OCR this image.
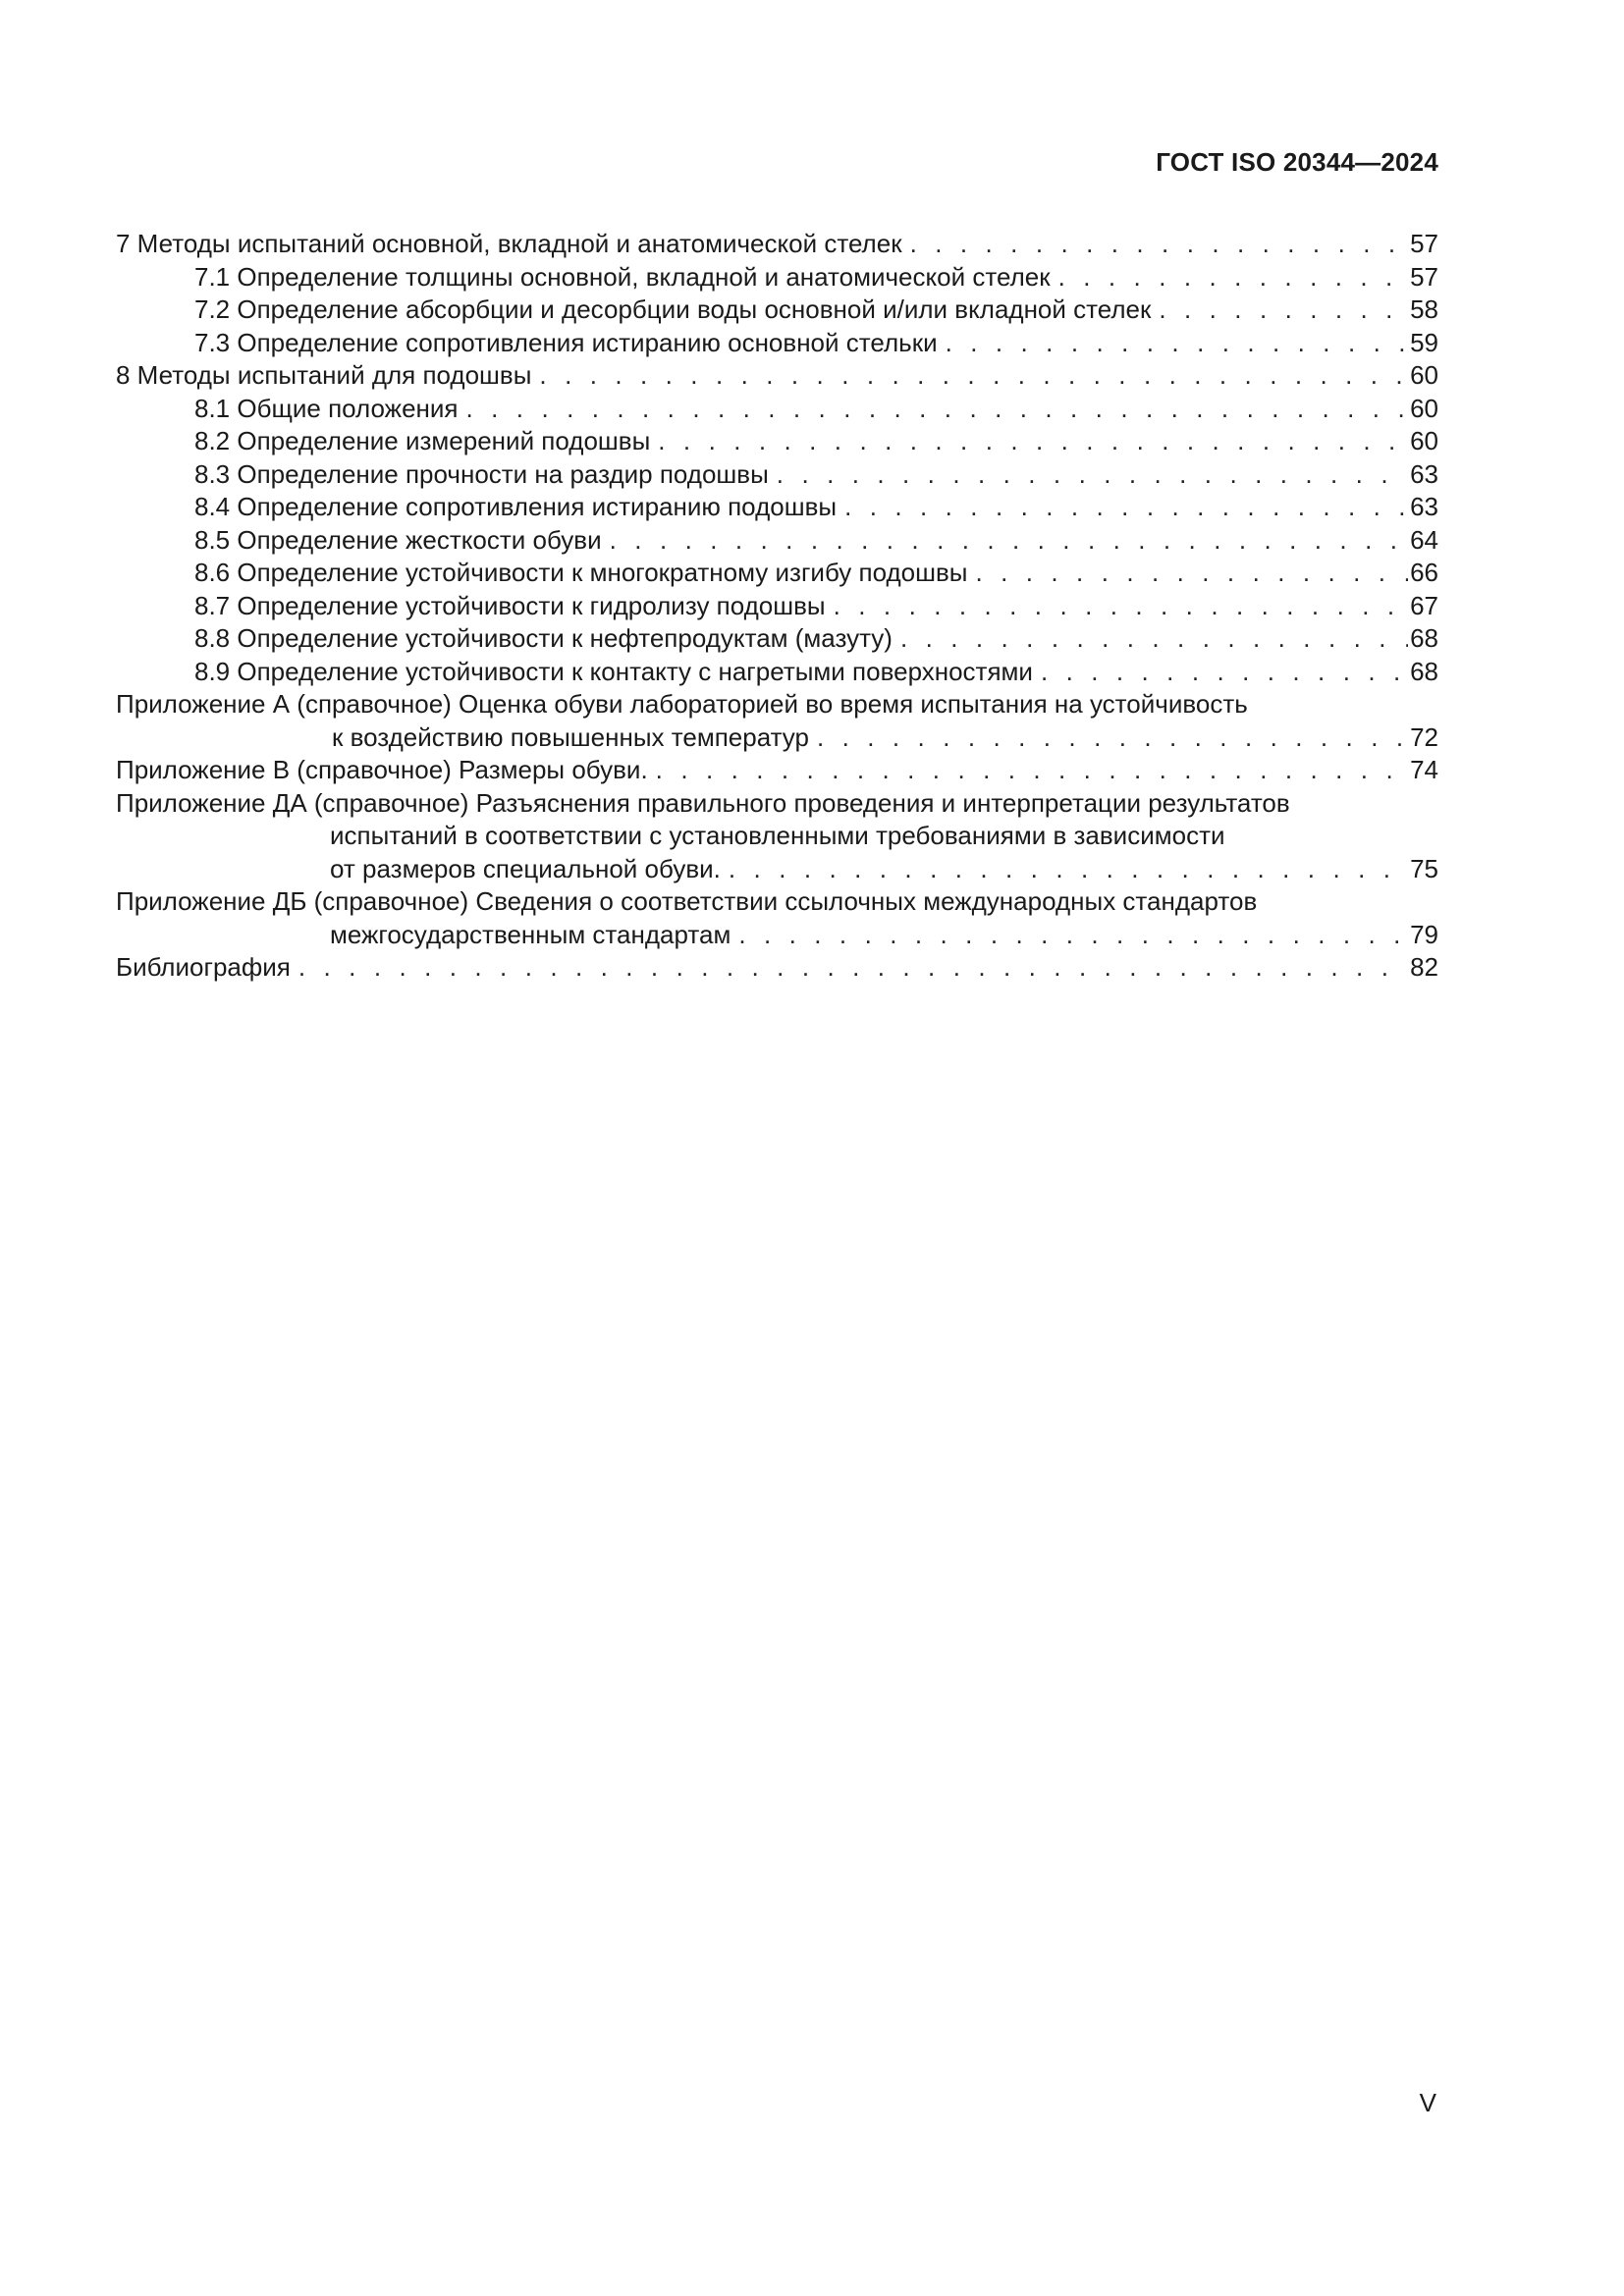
ГОСТ ISO 20344—2024
7 Методы испытаний основной, вкладной и анатомической стелек . . .	57
7.1 Определение толщины основной, вкладной и анатомической стелек . . .	57
7.2 Определение абсорбции и десорбции воды основной и/или вкладной стелек . . .	58
7.3 Определение сопротивления истиранию основной стельки . . .	59
8 Методы испытаний для подошвы . . .	60
8.1 Общие положения . . .	60
8.2 Определение измерений подошвы . . .	60
8.3 Определение прочности на раздир подошвы . . .	63
8.4 Определение сопротивления истиранию подошвы . . .	63
8.5 Определение жесткости обуви . . .	64
8.6 Определение устойчивости к многократному изгибу подошвы . . .	66
8.7 Определение устойчивости к гидролизу подошвы . . .	67
8.8 Определение устойчивости к нефтепродуктам (мазуту) . . .	68
8.9 Определение устойчивости к контакту с нагретыми поверхностями . . .	68
Приложение А (справочное) Оценка обуви лабораторией во время испытания на устойчивость
к воздействию повышенных температур . . .	72
Приложение В (справочное) Размеры обуви. . . .	74
Приложение ДА (справочное) Разъяснения правильного проведения и интерпретации результатов
испытаний в соответствии с установленными требованиями в зависимости
от размеров специальной обуви. . . .	75
Приложение ДБ (справочное) Сведения о соответствии ссылочных международных стандартов
межгосударственным стандартам . . .	79
Библиография . . .	82
V
